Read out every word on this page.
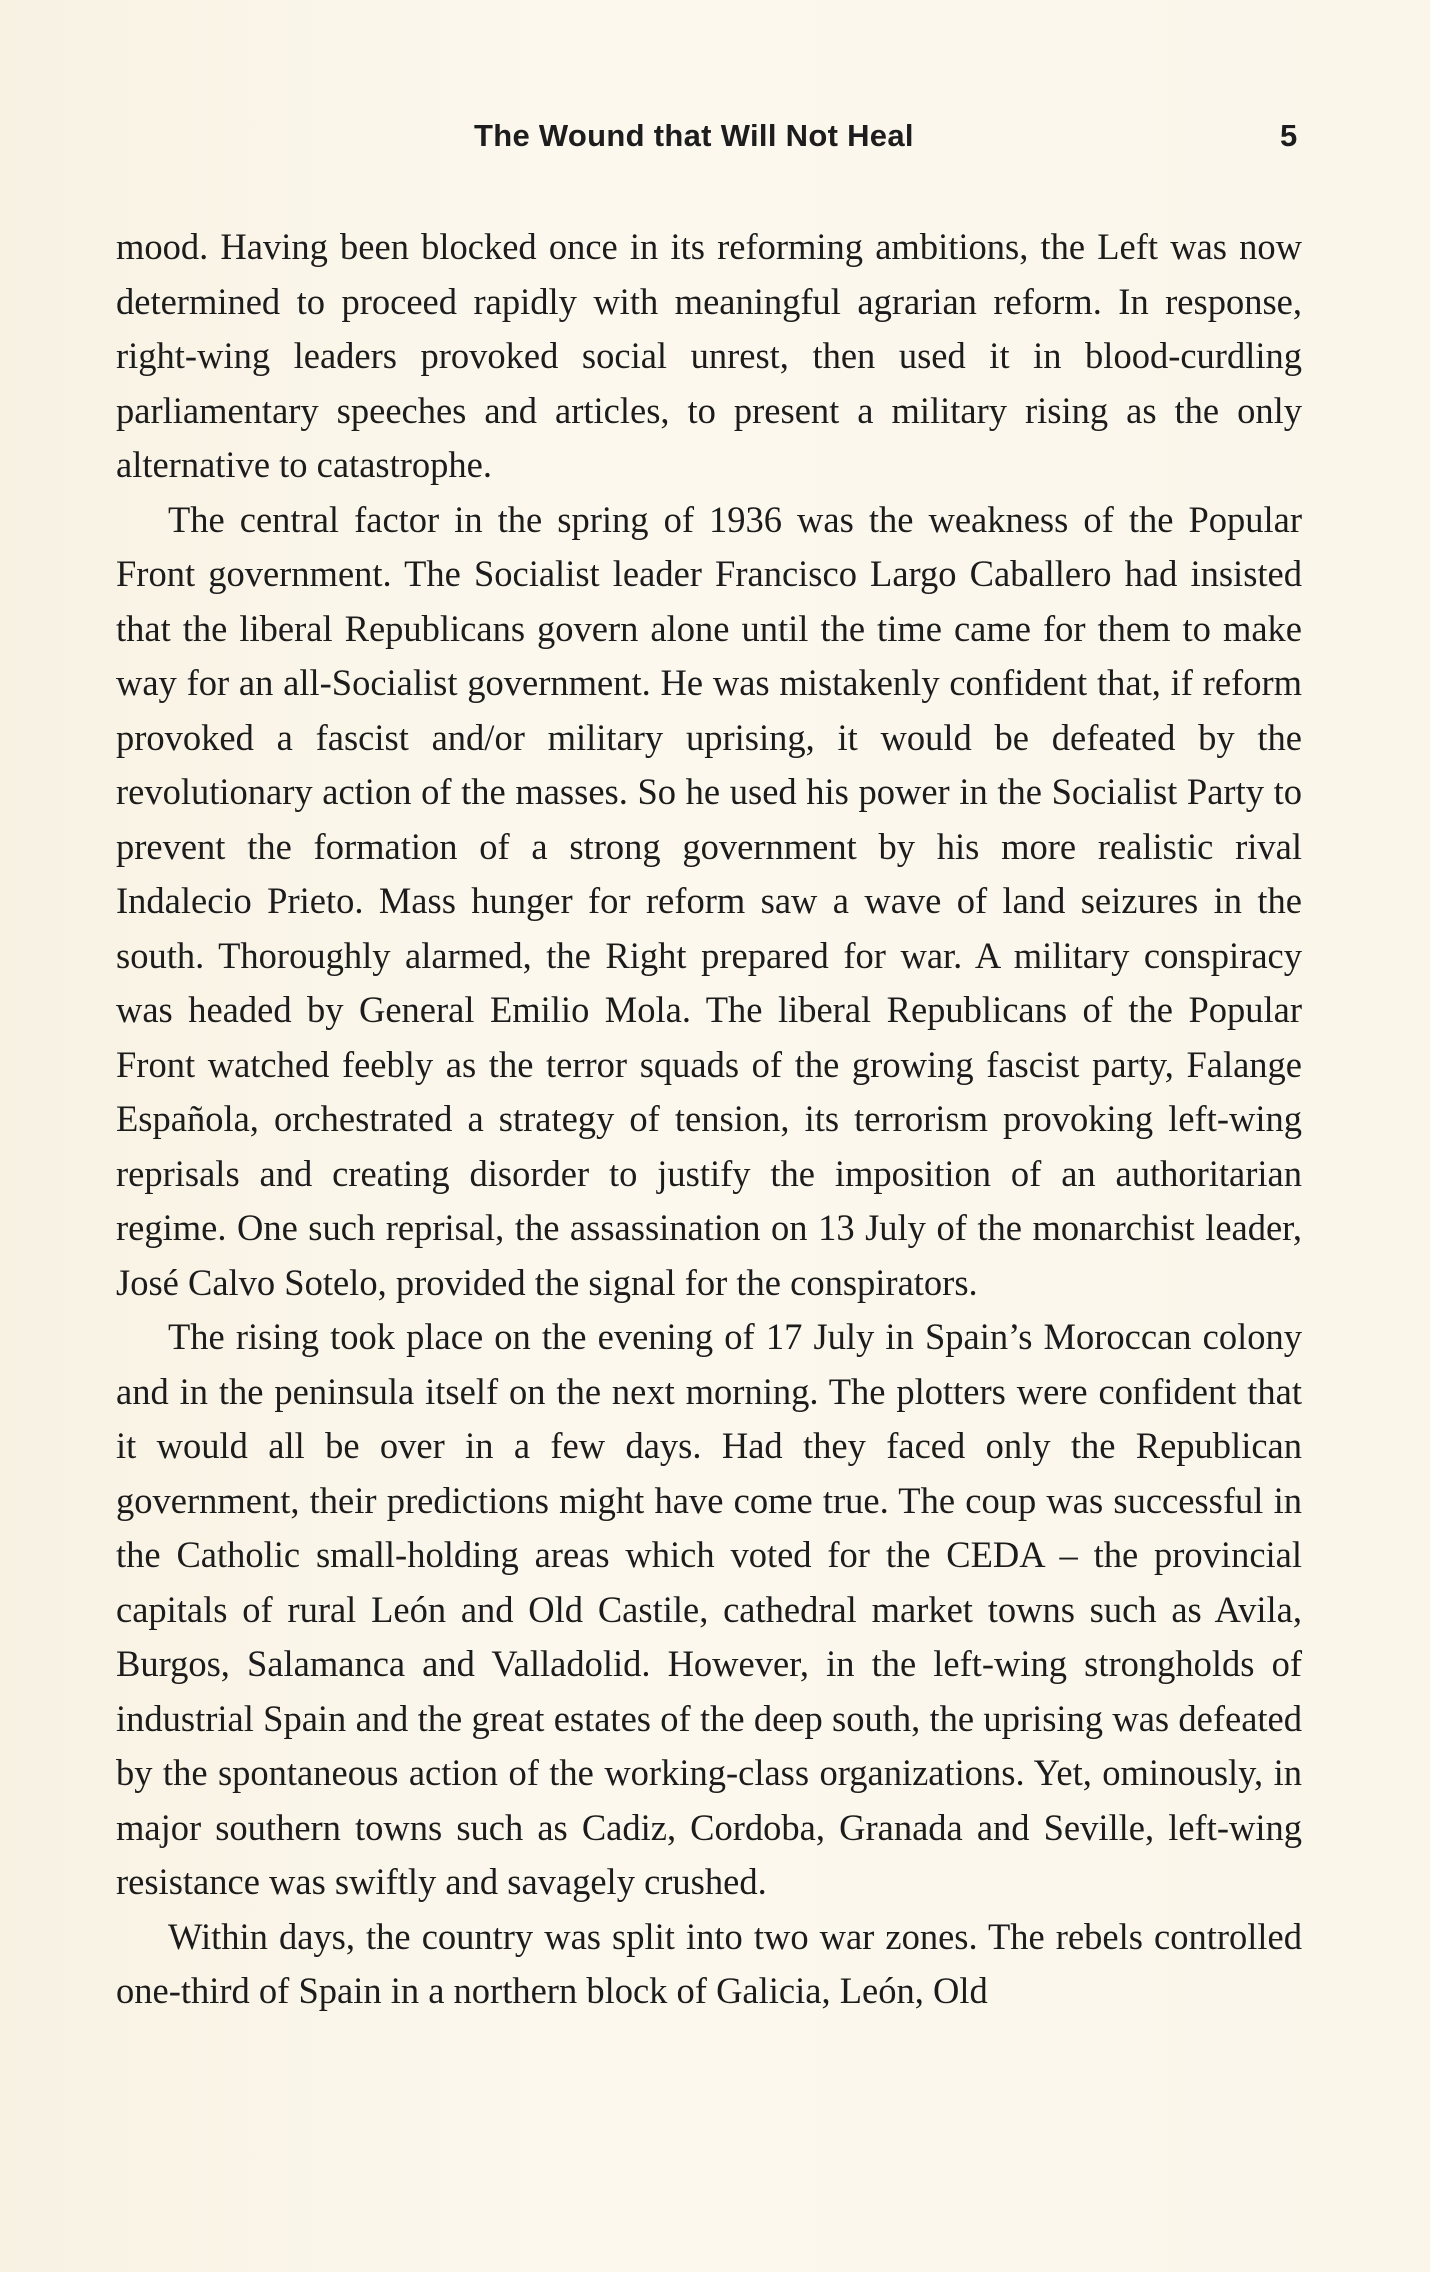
The Wound that Will Not Heal	5

mood. Having been blocked once in its reforming ambitions, the Left was now determined to proceed rapidly with meaningful agrarian reform. In response, right-wing leaders provoked social unrest, then used it in blood-curdling parliamentary speeches and articles, to present a military rising as the only alternative to catastrophe.

The central factor in the spring of 1936 was the weakness of the Popular Front government. The Socialist leader Francisco Largo Caballero had insisted that the liberal Republicans govern alone until the time came for them to make way for an all-Socialist government. He was mistakenly confident that, if reform provoked a fascist and/or military uprising, it would be defeated by the revolutionary action of the masses. So he used his power in the Socialist Party to prevent the formation of a strong government by his more realistic rival Indalecio Prieto. Mass hunger for reform saw a wave of land seizures in the south. Thoroughly alarmed, the Right prepared for war. A military conspiracy was headed by General Emilio Mola. The liberal Republicans of the Popular Front watched feebly as the terror squads of the growing fascist party, Falange Española, orchestrated a strategy of tension, its terrorism provoking left-wing reprisals and creating disorder to justify the imposition of an authoritarian regime. One such reprisal, the assassination on 13 July of the monarchist leader, José Calvo Sotelo, provided the signal for the conspirators.

The rising took place on the evening of 17 July in Spain’s Moroccan colony and in the peninsula itself on the next morning. The plotters were confident that it would all be over in a few days. Had they faced only the Republican government, their predictions might have come true. The coup was successful in the Catholic small-holding areas which voted for the CEDA – the provincial capitals of rural León and Old Castile, cathedral market towns such as Avila, Burgos, Salamanca and Valladolid. However, in the left-wing strongholds of industrial Spain and the great estates of the deep south, the uprising was defeated by the spontaneous action of the working-class organizations. Yet, ominously, in major southern towns such as Cadiz, Cordoba, Granada and Seville, left-wing resistance was swiftly and savagely crushed.

Within days, the country was split into two war zones. The rebels controlled one-third of Spain in a northern block of Galicia, León, Old
